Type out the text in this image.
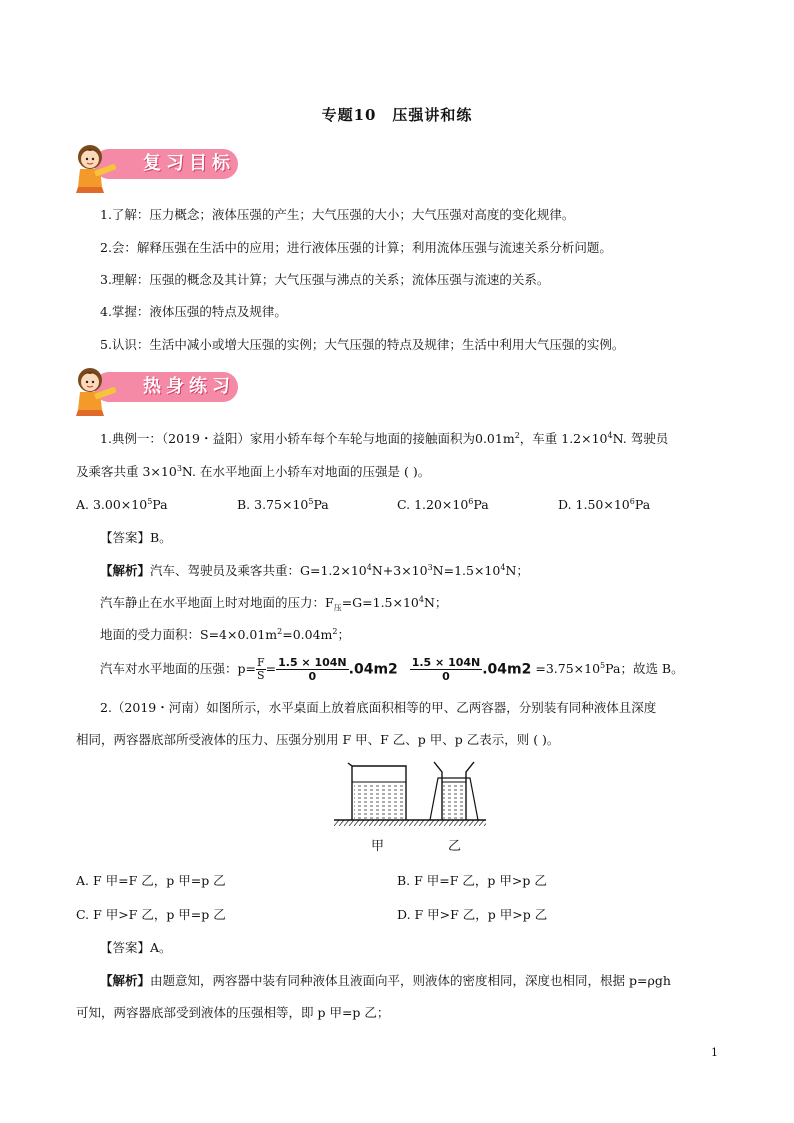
专题10　压强讲和练
复习目标
1.了解：压力概念；液体压强的产生；大气压强的大小；大气压强对高度的变化规律。
2.会：解释压强在生活中的应用；进行液体压强的计算；利用流体压强与流速关系分析问题。
3.理解：压强的概念及其计算；大气压强与沸点的关系；流体压强与流速的关系。
4.掌握：液体压强的特点及规律。
5.认识：生活中减小或增大压强的实例；大气压强的特点及规律；生活中利用大气压强的实例。
热身练习
1.典例一：（2019・益阳）家用小轿车每个车轮与地面的接触面积为$0.01m^2$，车重 $1.2\times 10^4N$. 驾驶员
及乘客共重 $3\times 10^3N$. 在水平地面上小轿车对地面的压强是 ( )。
A. $3.00\times 10^5Pa$	B. $3.75\times 10^5Pa$	C. $1.20\times 10^6Pa$	D. $1.50\times 10^6Pa$
【答案】B。
【解析】汽车、驾驶员及乘客共重：$G=1.2\times 10^4N+3\times 10^3N=1.5\times 10^4N$；
汽车静止在水平地面上时对地面的压力：$F_压=G=1.5\times 10^4N$；
地面的受力面积：$S=4\times 0.01m^2=0.04m^2$；
汽车对水平地面的压强：$p= \frac{F}{S} = \frac{1.5 \times 104N}{0} .04m2 \frac{1.5 \times 104N}{0} .04m2 =3.75\times 10^5Pa$；故选 B。
2.（2019・河南）如图所示，水平桌面上放着底面积相等的甲、乙两容器，分别装有同种液体且深度
相同，两容器底部所受液体的压力、压强分别用 F 甲、F 乙、p 甲、p 乙表示，则 ( )。
甲	乙
A. F 甲=F 乙，p 甲=p 乙	B. F 甲=F 乙，p 甲>p 乙
C. F 甲>F 乙，p 甲=p 乙	D. F 甲>F 乙，p 甲>p 乙
【答案】A。
【解析】由题意知，两容器中装有同种液体且液面向平，则液体的密度相同，深度也相同，根据 p=ρgh
可知，两容器底部受到液体的压强相等，即 p 甲=p 乙；
1
